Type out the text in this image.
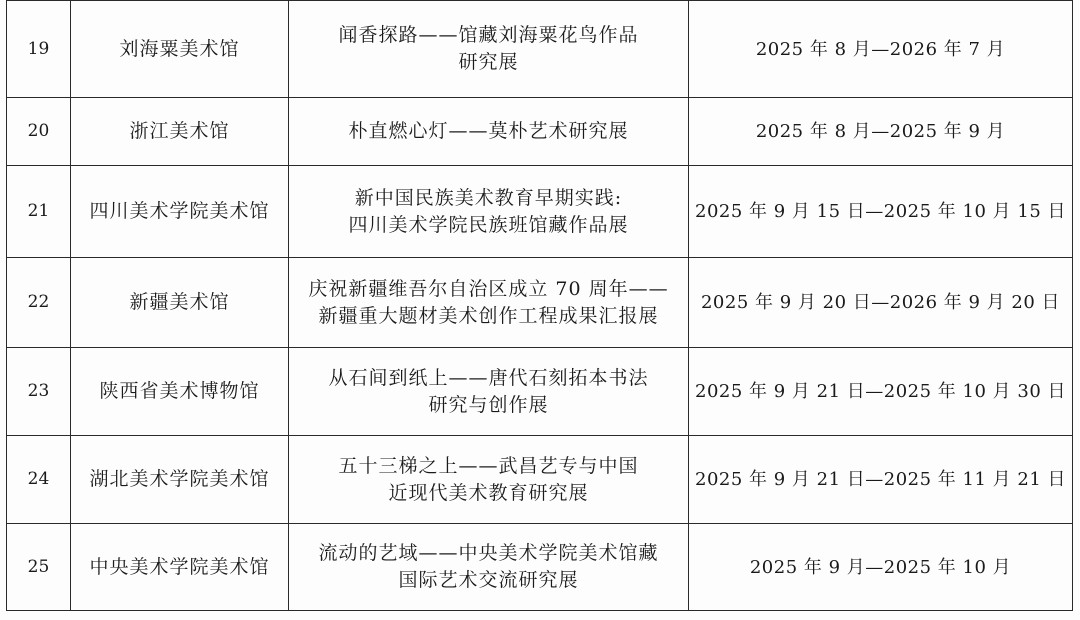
19	刘海粟美术馆	闻香探路——馆藏刘海粟花鸟作品
研究展	2025 年 8 月—2026 年 7 月
20	浙江美术馆	朴直燃心灯——莫朴艺术研究展	2025 年 8 月—2025 年 9 月
21	四川美术学院美术馆	新中国民族美术教育早期实践:
四川美术学院民族班馆藏作品展	2025 年 9 月 15 日—2025 年 10 月 15 日
22	新疆美术馆	庆祝新疆维吾尔自治区成立 70 周年——
新疆重大题材美术创作工程成果汇报展	2025 年 9 月 20 日—2026 年 9 月 20 日
23	陕西省美术博物馆	从石间到纸上——唐代石刻拓本书法
研究与创作展	2025 年 9 月 21 日—2025 年 10 月 30 日
24	湖北美术学院美术馆	五十三梯之上——武昌艺专与中国
近现代美术教育研究展	2025 年 9 月 21 日—2025 年 11 月 21 日
25	中央美术学院美术馆	流动的艺域——中央美术学院美术馆藏
国际艺术交流研究展	2025 年 9 月—2025 年 10 月
